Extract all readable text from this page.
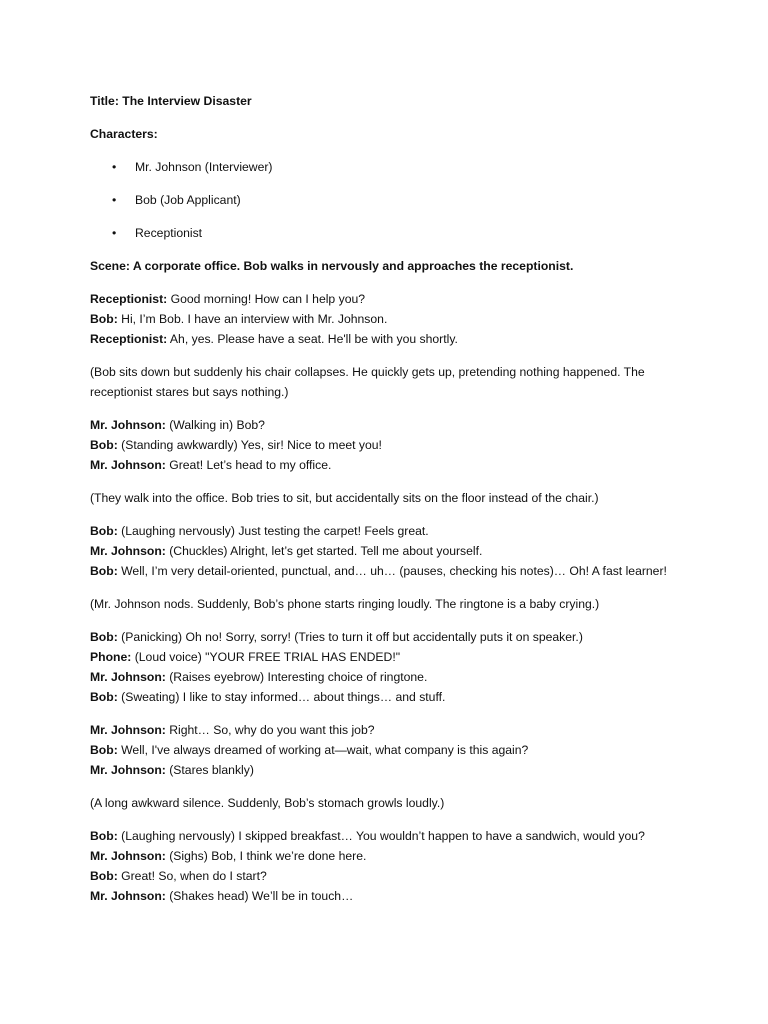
Title: The Interview Disaster

Characters:

• Mr. Johnson (Interviewer)
• Bob (Job Applicant)
• Receptionist

Scene: A corporate office. Bob walks in nervously and approaches the receptionist.

Receptionist: Good morning! How can I help you?

Bob: Hi, I’m Bob. I have an interview with Mr. Johnson.

Receptionist: Ah, yes. Please have a seat. He'll be with you shortly.

(Bob sits down but suddenly his chair collapses. He quickly gets up, pretending nothing happened. The receptionist stares but says nothing.)

Mr. Johnson: (Walking in) Bob?

Bob: (Standing awkwardly) Yes, sir! Nice to meet you!

Mr. Johnson: Great! Let’s head to my office.

(They walk into the office. Bob tries to sit, but accidentally sits on the floor instead of the chair.)

Bob: (Laughing nervously) Just testing the carpet! Feels great.

Mr. Johnson: (Chuckles) Alright, let’s get started. Tell me about yourself.

Bob: Well, I’m very detail-oriented, punctual, and… uh… (pauses, checking his notes)… Oh! A fast learner!

(Mr. Johnson nods. Suddenly, Bob’s phone starts ringing loudly. The ringtone is a baby crying.)

Bob: (Panicking) Oh no! Sorry, sorry! (Tries to turn it off but accidentally puts it on speaker.)

Phone: (Loud voice) "YOUR FREE TRIAL HAS ENDED!"

Mr. Johnson: (Raises eyebrow) Interesting choice of ringtone.

Bob: (Sweating) I like to stay informed… about things… and stuff.

Mr. Johnson: Right… So, why do you want this job?

Bob: Well, I've always dreamed of working at—wait, what company is this again?

Mr. Johnson: (Stares blankly)

(A long awkward silence. Suddenly, Bob’s stomach growls loudly.)

Bob: (Laughing nervously) I skipped breakfast… You wouldn’t happen to have a sandwich, would you?

Mr. Johnson: (Sighs) Bob, I think we’re done here.

Bob: Great! So, when do I start?

Mr. Johnson: (Shakes head) We’ll be in touch…
